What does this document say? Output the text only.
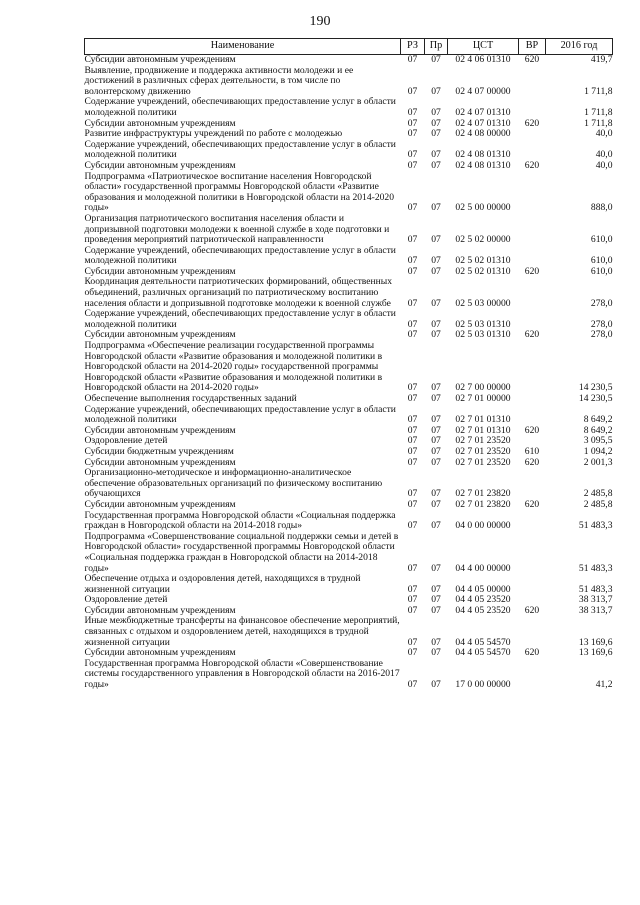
190
Наименование	РЗ	Пр	ЦСТ	ВР	2016 год
Субсидии автономным учреждениям	07	07	02 4 06 01310	620	419,7
Выявление, продвижение и поддержка активности молодежи и ее достижений в различных сферах деятельности, в том числе по волонтерскому движению	07	07	02 4 07 00000		1 711,8
Содержание учреждений, обеспечивающих предоставление услуг в области молодежной политики	07	07	02 4 07 01310		1 711,8
Субсидии автономным учреждениям	07	07	02 4 07 01310	620	1 711,8
Развитие инфраструктуры учреждений по работе с молодежью	07	07	02 4 08 00000		40,0
Содержание учреждений, обеспечивающих предоставление услуг в области молодежной политики	07	07	02 4 08 01310		40,0
Субсидии автономным учреждениям	07	07	02 4 08 01310	620	40,0
Подпрограмма «Патриотическое воспитание населения Новгородской области» государственной программы Новгородской области «Развитие образования и молодежной политики в Новгородской области на 2014-2020 годы»	07	07	02 5 00 00000		888,0
Организация патриотического воспитания населения области и допризывной подготовки молодежи к военной службе в ходе подготовки и проведения мероприятий патриотической направленности	07	07	02 5 02 00000		610,0
Содержание учреждений, обеспечивающих предоставление услуг в области молодежной политики	07	07	02 5 02 01310		610,0
Субсидии автономным учреждениям	07	07	02 5 02 01310	620	610,0
Координация деятельности патриотических формирований, общественных объединений, различных организаций по патриотическому воспитанию населения области и допризывной подготовке молодежи к военной службе	07	07	02 5 03 00000		278,0
Содержание учреждений, обеспечивающих предоставление услуг в области молодежной политики	07	07	02 5 03 01310		278,0
Субсидии автономным учреждениям	07	07	02 5 03 01310	620	278,0
Подпрограмма «Обеспечение реализации государственной программы Новгородской области «Развитие образования и молодежной политики в Новгородской области на 2014-2020 годы» государственной программы Новгородской области «Развитие образования и молодежной политики в Новгородской области на 2014-2020 годы»	07	07	02 7 00 00000		14 230,5
Обеспечение выполнения государственных заданий	07	07	02 7 01 00000		14 230,5
Содержание учреждений, обеспечивающих предоставление услуг в области молодежной политики	07	07	02 7 01 01310		8 649,2
Субсидии автономным учреждениям	07	07	02 7 01 01310	620	8 649,2
Оздоровление детей	07	07	02 7 01 23520		3 095,5
Субсидии бюджетным учреждениям	07	07	02 7 01 23520	610	1 094,2
Субсидии автономным учреждениям	07	07	02 7 01 23520	620	2 001,3
Организационно-методическое и информационно-аналитическое обеспечение образовательных организаций по физическому воспитанию обучающихся	07	07	02 7 01 23820		2 485,8
Субсидии автономным учреждениям	07	07	02 7 01 23820	620	2 485,8
Государственная программа Новгородской области «Социальная поддержка граждан в Новгородской области на 2014-2018 годы»	07	07	04 0 00 00000		51 483,3
Подпрограмма «Совершенствование социальной поддержки семьи и детей в Новгородской области» государственной программы Новгородской области «Социальная поддержка граждан в Новгородской области на 2014-2018 годы»	07	07	04 4 00 00000		51 483,3
Обеспечение отдыха и оздоровления детей, находящихся в трудной жизненной ситуации	07	07	04 4 05 00000		51 483,3
Оздоровление детей	07	07	04 4 05 23520		38 313,7
Субсидии автономным учреждениям	07	07	04 4 05 23520	620	38 313,7
Иные межбюджетные трансферты на финансовое обеспечение мероприятий, связанных с отдыхом и оздоровлением детей, находящихся в трудной жизненной ситуации	07	07	04 4 05 54570		13 169,6
Субсидии автономным учреждениям	07	07	04 4 05 54570	620	13 169,6
Государственная программа Новгородской области «Совершенствование системы государственного управления в Новгородской области на 2016-2017 годы»	07	07	17 0 00 00000		41,2
